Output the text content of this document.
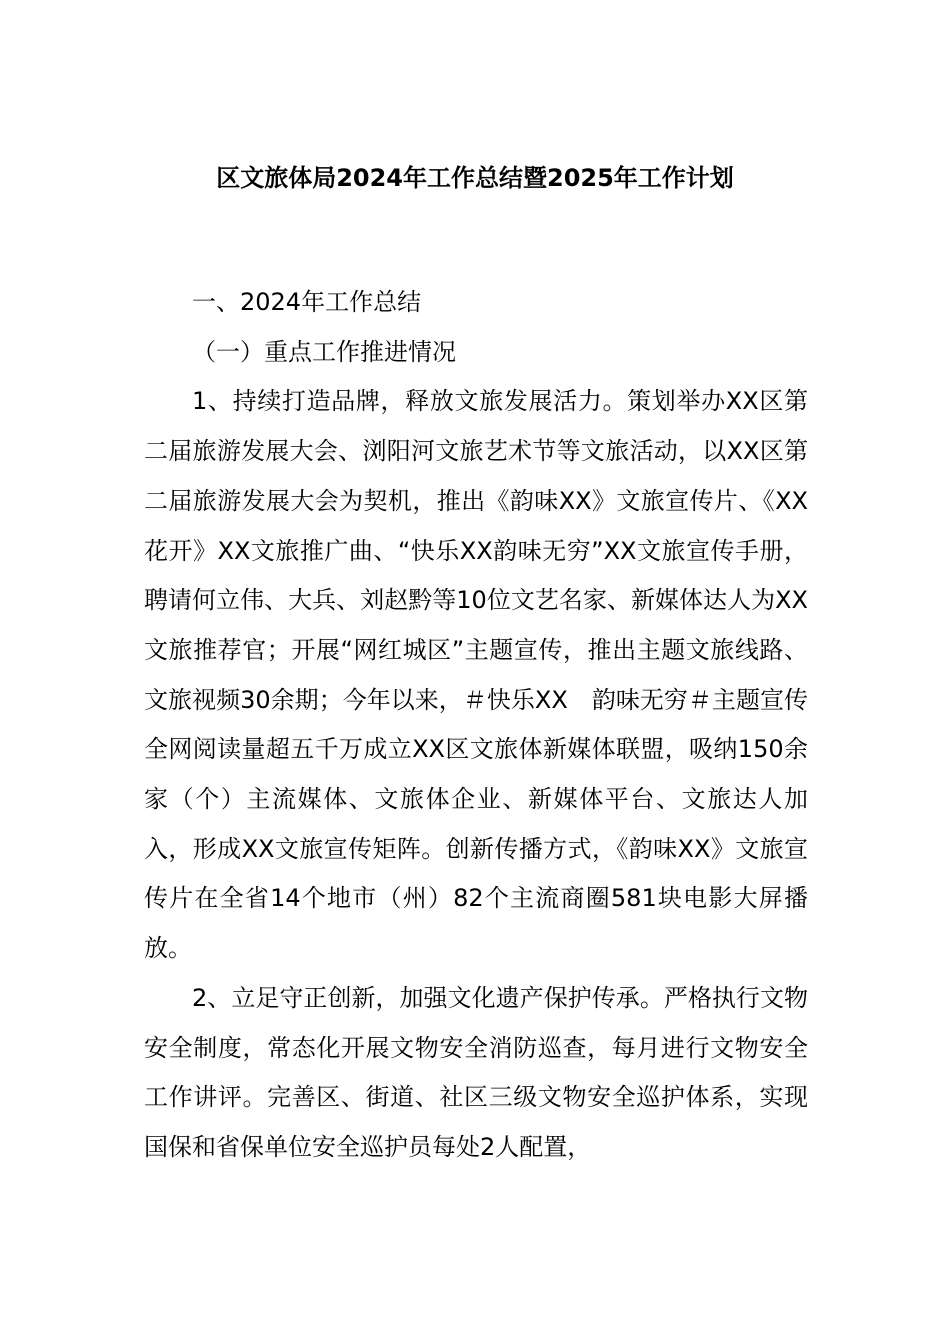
区文旅体局2024年工作总结暨2025年工作计划

一、2024年工作总结

（一）重点工作推进情况

1、持续打造品牌，释放文旅发展活力。策划举办XX区第二届旅游发展大会、浏阳河文旅艺术节等文旅活动，以XX区第二届旅游发展大会为契机，推出《韵味XX》文旅宣传片、《XX花开》XX文旅推广曲、“快乐XX韵味无穷”XX文旅宣传手册，聘请何立伟、大兵、刘赵黔等10位文艺名家、新媒体达人为XX文旅推荐官；开展“网红城区”主题宣传，推出主题文旅线路、文旅视频30余期；今年以来，＃快乐XX　韵味无穷＃主题宣传全网阅读量超五千万成立XX区文旅体新媒体联盟，吸纳150余家（个）主流媒体、文旅体企业、新媒体平台、文旅达人加入，形成XX文旅宣传矩阵。创新传播方式，《韵味XX》文旅宣传片在全省14个地市（州）82个主流商圈581块电影大屏播放。

2、立足守正创新，加强文化遗产保护传承。严格执行文物安全制度，常态化开展文物安全消防巡查，每月进行文物安全工作讲评。完善区、街道、社区三级文物安全巡护体系，实现国保和省保单位安全巡护员每处2人配置，
